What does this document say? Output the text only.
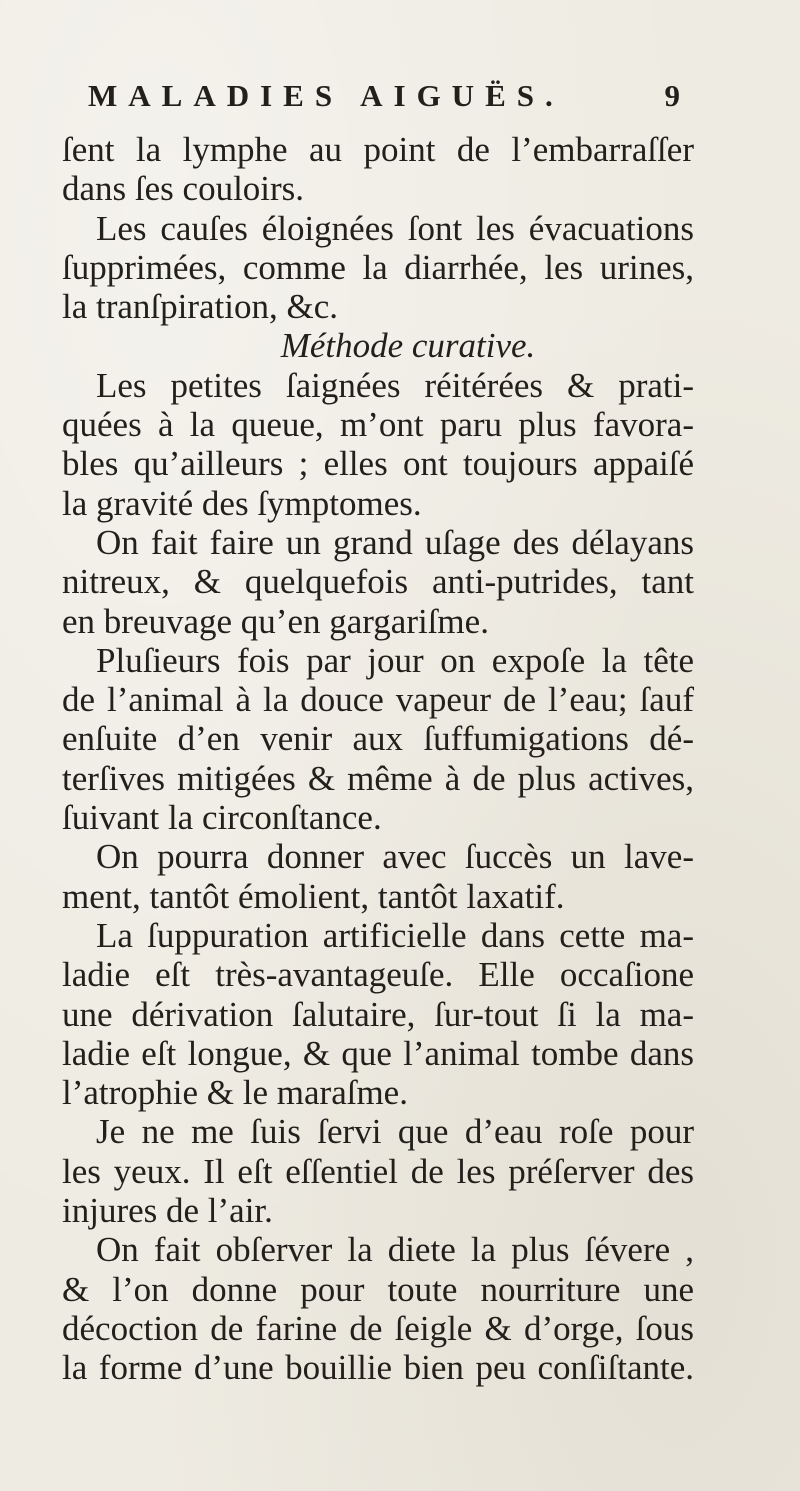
MALADIES AIGUËS.	9
ſent la lymphe au point de l’embarraſſer
dans ſes couloirs.
Les cauſes éloignées ſont les évacuations
ſupprimées, comme la diarrhée, les urines,
la tranſpiration, &c.
Méthode curative.
Les petites ſaignées réitérées & prati-
quées à la queue, m’ont paru plus favora-
bles qu’ailleurs ; elles ont toujours appaiſé
la gravité des ſymptomes.
On fait faire un grand uſage des délayans
nitreux, & quelquefois anti-putrides, tant
en breuvage qu’en gargariſme.
Pluſieurs fois par jour on expoſe la tête
de l’animal à la douce vapeur de l’eau; ſauf
enſuite d’en venir aux ſuffumigations dé-
terſives mitigées & même à de plus actives,
ſuivant la circonſtance.
On pourra donner avec ſuccès un lave-
ment, tantôt émolient, tantôt laxatif.
La ſuppuration artificielle dans cette ma-
ladie eſt très-avantageuſe. Elle occaſione
une dérivation ſalutaire, ſur-tout ſi la ma-
ladie eſt longue, & que l’animal tombe dans
l’atrophie & le maraſme.
Je ne me ſuis ſervi que d’eau roſe pour
les yeux. Il eſt eſſentiel de les préſerver des
injures de l’air.
On fait obſerver la diete la plus ſévere ,
& l’on donne pour toute nourriture une
décoction de farine de ſeigle & d’orge, ſous
la forme d’une bouillie bien peu conſiſtante.
